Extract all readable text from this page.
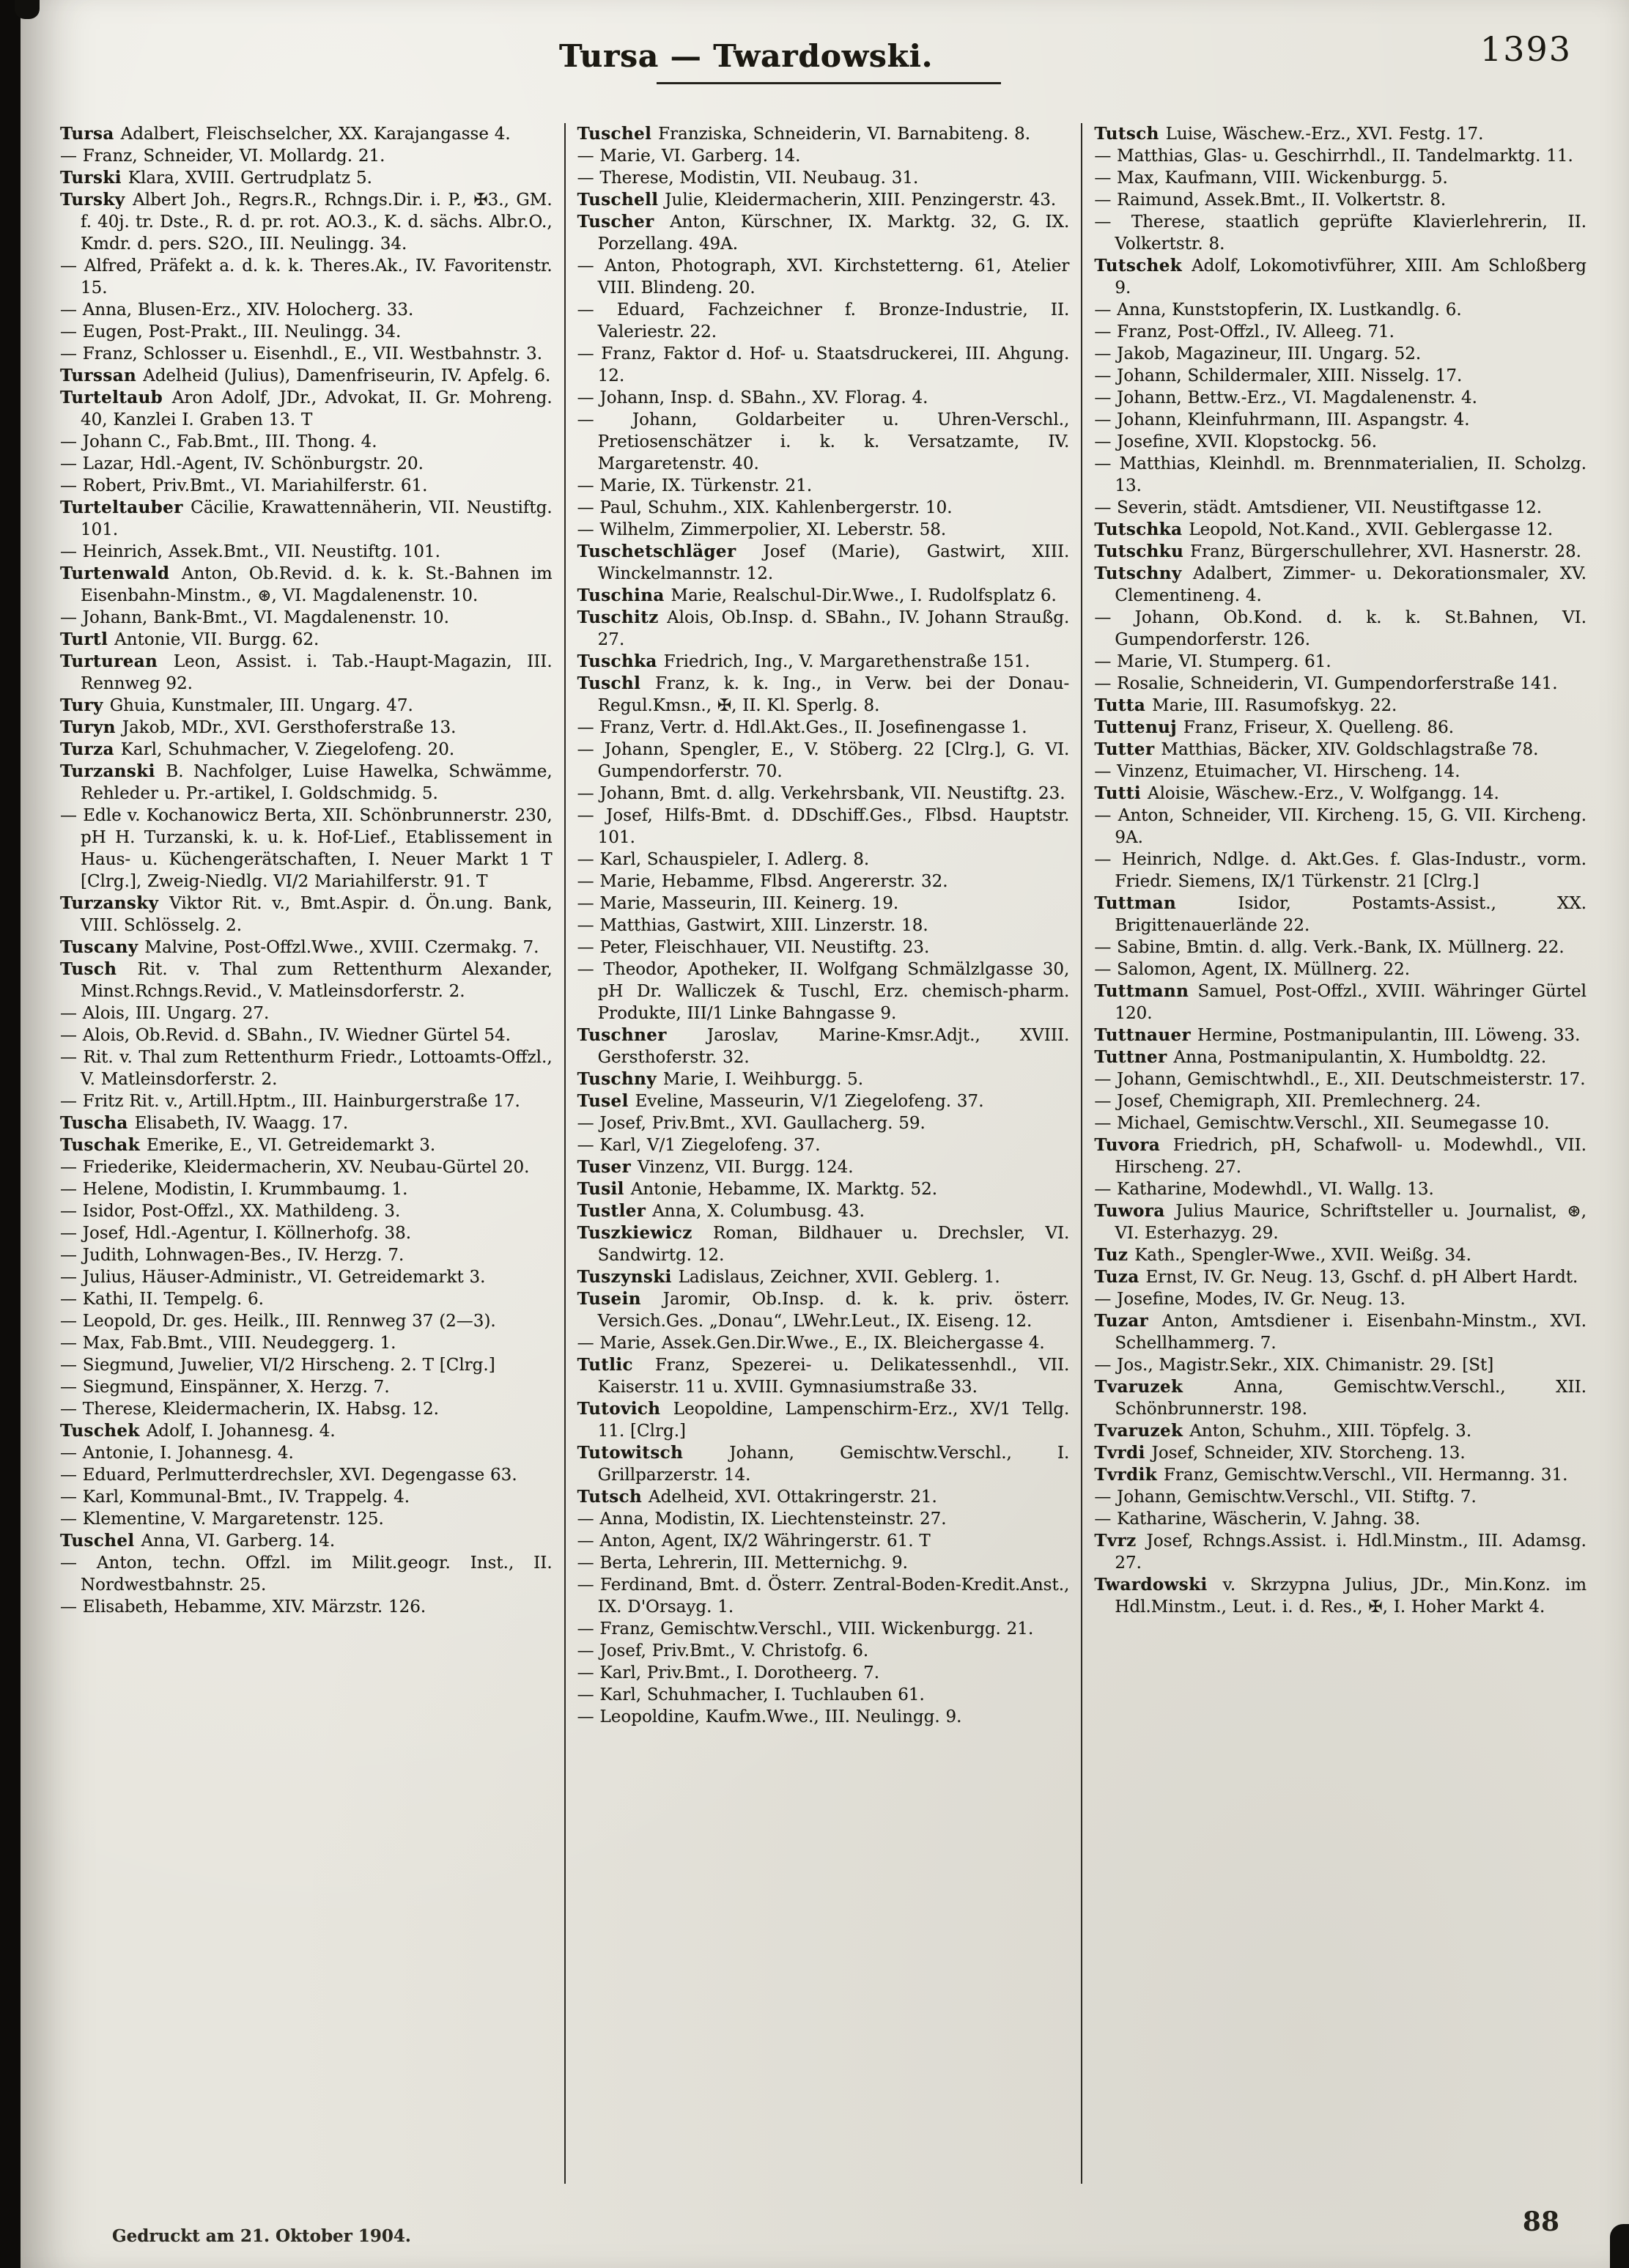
Tursa — Twardowski.	1393

Tursa Adalbert, Fleischselcher, XX. Karajangasse 4.

— Franz, Schneider, VI. Mollardg. 21.

Turski Klara, XVIII. Gertrudplatz 5.

Tursky Albert Joh., Regrs.R., Rchngs.Dir. i. P., ✠3., GM. f. 40j. tr. Dste., R. d. pr. rot. AO.3., K. d. sächs. Albr.O., Kmdr. d. pers. S2O., III. Neulingg. 34.

— Alfred, Präfekt a. d. k. k. Theres.Ak., IV. Favoritenstr. 15.

— Anna, Blusen-Erz., XIV. Holocherg. 33.

— Eugen, Post-Prakt., III. Neulingg. 34.

— Franz, Schlosser u. Eisenhdl., E., VII. Westbahnstr. 3.

Turssan Adelheid (Julius), Damenfriseurin, IV. Apfelg. 6.

Turteltaub Aron Adolf, JDr., Advokat, II. Gr. Mohreng. 40, Kanzlei I. Graben 13. T

— Johann C., Fab.Bmt., III. Thong. 4.

— Lazar, Hdl.-Agent, IV. Schönburgstr. 20.

— Robert, Priv.Bmt., VI. Mariahilferstr. 61.

Turteltauber Cäcilie, Krawattennäherin, VII. Neustiftg. 101.

— Heinrich, Assek.Bmt., VII. Neustiftg. 101.

Turtenwald Anton, Ob.Revid. d. k. k. St.-Bahnen im Eisenbahn-Minstm., ⊛, VI. Magdalenenstr. 10.

— Johann, Bank-Bmt., VI. Magdalenenstr. 10.

Turtl Antonie, VII. Burgg. 62.

Turturean Leon, Assist. i. Tab.-Haupt-Magazin, III. Rennweg 92.

Tury Ghuia, Kunstmaler, III. Ungarg. 47.

Turyn Jakob, MDr., XVI. Gersthoferstraße 13.

Turza Karl, Schuhmacher, V. Ziegelofeng. 20.

Turzanski B. Nachfolger, Luise Hawelka, Schwämme, Rehleder u. Pr.-artikel, I. Goldschmidg. 5.

— Edle v. Kochanowicz Berta, XII. Schönbrunnerstr. 230, pH H. Turzanski, k. u. k. Hof-Lief., Etablissement in Haus- u. Küchengerätschaften, I. Neuer Markt 1 T [Clrg.], Zweig-Niedlg. VI/2 Mariahilferstr. 91. T

Turzansky Viktor Rit. v., Bmt.Aspir. d. Ön.ung. Bank, VIII. Schlösselg. 2.

Tuscany Malvine, Post-Offzl.Wwe., XVIII. Czermakg. 7.

Tusch Rit. v. Thal zum Rettenthurm Alexander, Minst.Rchngs.Revid., V. Matleinsdorferstr. 2.

— Alois, III. Ungarg. 27.

— Alois, Ob.Revid. d. SBahn., IV. Wiedner Gürtel 54.

— Rit. v. Thal zum Rettenthurm Friedr., Lottoamts-Offzl., V. Matleinsdorferstr. 2.

— Fritz Rit. v., Artill.Hptm., III. Hainburgerstraße 17.

Tuscha Elisabeth, IV. Waagg. 17.

Tuschak Emerike, E., VI. Getreidemarkt 3.

— Friederike, Kleidermacherin, XV. Neubau-Gürtel 20.

— Helene, Modistin, I. Krummbaumg. 1.

— Isidor, Post-Offzl., XX. Mathildeng. 3.

— Josef, Hdl.-Agentur, I. Köllnerhofg. 38.

— Judith, Lohnwagen-Bes., IV. Herzg. 7.

— Julius, Häuser-Administr., VI. Getreidemarkt 3.

— Kathi, II. Tempelg. 6.

— Leopold, Dr. ges. Heilk., III. Rennweg 37 (2—3).

— Max, Fab.Bmt., VIII. Neudeggerg. 1.

— Siegmund, Juwelier, VI/2 Hirscheng. 2. T [Clrg.]

— Siegmund, Einspänner, X. Herzg. 7.

— Therese, Kleidermacherin, IX. Habsg. 12.

Tuschek Adolf, I. Johannesg. 4.

— Antonie, I. Johannesg. 4.

— Eduard, Perlmutterdrechsler, XVI. Degengasse 63.

— Karl, Kommunal-Bmt., IV. Trappelg. 4.

— Klementine, V. Margaretenstr. 125.

Tuschel Anna, VI. Garberg. 14.

— Anton, techn. Offzl. im Milit.geogr. Inst., II. Nordwestbahnstr. 25.

— Elisabeth, Hebamme, XIV. Märzstr. 126.

Tuschel Franziska, Schneiderin, VI. Barnabiteng. 8.

— Marie, VI. Garberg. 14.

— Therese, Modistin, VII. Neubaug. 31.

Tuschell Julie, Kleidermacherin, XIII. Penzingerstr. 43.

Tuscher Anton, Kürschner, IX. Marktg. 32, G. IX. Porzellang. 49A.

— Anton, Photograph, XVI. Kirchstetterng. 61, Atelier VIII. Blindeng. 20.

— Eduard, Fachzeichner f. Bronze-Industrie, II. Valeriestr. 22.

— Franz, Faktor d. Hof- u. Staatsdruckerei, III. Ahgung. 12.

— Johann, Insp. d. SBahn., XV. Florag. 4.

— Johann, Goldarbeiter u. Uhren-Verschl., Pretiosenschätzer i. k. k. Versatzamte, IV. Margaretenstr. 40.

— Marie, IX. Türkenstr. 21.

— Paul, Schuhm., XIX. Kahlenbergerstr. 10.

— Wilhelm, Zimmerpolier, XI. Leberstr. 58.

Tuschetschläger Josef (Marie), Gastwirt, XIII. Winckelmannstr. 12.

Tuschina Marie, Realschul-Dir.Wwe., I. Rudolfsplatz 6.

Tuschitz Alois, Ob.Insp. d. SBahn., IV. Johann Straußg. 27.

Tuschka Friedrich, Ing., V. Margarethenstraße 151.

Tuschl Franz, k. k. Ing., in Verw. bei der Donau-Regul.Kmsn., ✠, II. Kl. Sperlg. 8.

— Franz, Vertr. d. Hdl.Akt.Ges., II. Josefinengasse 1.

— Johann, Spengler, E., V. Stöberg. 22 [Clrg.], G. VI. Gumpendorferstr. 70.

— Johann, Bmt. d. allg. Verkehrsbank, VII. Neustiftg. 23.

— Josef, Hilfs-Bmt. d. DDschiff.Ges., Flbsd. Hauptstr. 101.

— Karl, Schauspieler, I. Adlerg. 8.

— Marie, Hebamme, Flbsd. Angererstr. 32.

— Marie, Masseurin, III. Keinerg. 19.

— Matthias, Gastwirt, XIII. Linzerstr. 18.

— Peter, Fleischhauer, VII. Neustiftg. 23.

— Theodor, Apotheker, II. Wolfgang Schmälzlgasse 30, pH Dr. Walliczek & Tuschl, Erz. chemisch-pharm. Produkte, III/1 Linke Bahngasse 9.

Tuschner Jaroslav, Marine-Kmsr.Adjt., XVIII. Gersthoferstr. 32.

Tuschny Marie, I. Weihburgg. 5.

Tusel Eveline, Masseurin, V/1 Ziegelofeng. 37.

— Josef, Priv.Bmt., XVI. Gaullacherg. 59.

— Karl, V/1 Ziegelofeng. 37.

Tuser Vinzenz, VII. Burgg. 124.

Tusil Antonie, Hebamme, IX. Marktg. 52.

Tustler Anna, X. Columbusg. 43.

Tuszkiewicz Roman, Bildhauer u. Drechsler, VI. Sandwirtg. 12.

Tuszynski Ladislaus, Zeichner, XVII. Geblerg. 1.

Tusein Jaromir, Ob.Insp. d. k. k. priv. österr. Versich.Ges. „Donau“, LWehr.Leut., IX. Eiseng. 12.

— Marie, Assek.Gen.Dir.Wwe., E., IX. Bleichergasse 4.

Tutlic Franz, Spezerei- u. Delikatessenhdl., VII. Kaiserstr. 11 u. XVIII. Gymnasiumstraße 33.

Tutovich Leopoldine, Lampenschirm-Erz., XV/1 Tellg. 11. [Clrg.]

Tutowitsch Johann, Gemischtw.Verschl., I. Grillparzerstr. 14.

Tutsch Adelheid, XVI. Ottakringerstr. 21.

— Anna, Modistin, IX. Liechtensteinstr. 27.

— Anton, Agent, IX/2 Währingerstr. 61. T

— Berta, Lehrerin, III. Metternichg. 9.

— Ferdinand, Bmt. d. Österr. Zentral-Boden-Kredit.Anst., IX. D'Orsayg. 1.

— Franz, Gemischtw.Verschl., VIII. Wickenburgg. 21.

— Josef, Priv.Bmt., V. Christofg. 6.

— Karl, Priv.Bmt., I. Dorotheerg. 7.

— Karl, Schuhmacher, I. Tuchlauben 61.

— Leopoldine, Kaufm.Wwe., III. Neulingg. 9.

Tutsch Luise, Wäschew.-Erz., XVI. Festg. 17.

— Matthias, Glas- u. Geschirrhdl., II. Tandelmarktg. 11.

— Max, Kaufmann, VIII. Wickenburgg. 5.

— Raimund, Assek.Bmt., II. Volkertstr. 8.

— Therese, staatlich geprüfte Klavierlehrerin, II. Volkertstr. 8.

Tutschek Adolf, Lokomotivführer, XIII. Am Schloßberg 9.

— Anna, Kunststopferin, IX. Lustkandlg. 6.

— Franz, Post-Offzl., IV. Alleeg. 71.

— Jakob, Magazineur, III. Ungarg. 52.

— Johann, Schildermaler, XIII. Nisselg. 17.

— Johann, Bettw.-Erz., VI. Magdalenenstr. 4.

— Johann, Kleinfuhrmann, III. Aspangstr. 4.

— Josefine, XVII. Klopstockg. 56.

— Matthias, Kleinhdl. m. Brennmaterialien, II. Scholzg. 13.

— Severin, städt. Amtsdiener, VII. Neustiftgasse 12.

Tutschka Leopold, Not.Kand., XVII. Geblergasse 12.

Tutschku Franz, Bürgerschullehrer, XVI. Hasnerstr. 28.

Tutschny Adalbert, Zimmer- u. Dekorationsmaler, XV. Clementineng. 4.

— Johann, Ob.Kond. d. k. k. St.Bahnen, VI. Gumpendorferstr. 126.

— Marie, VI. Stumperg. 61.

— Rosalie, Schneiderin, VI. Gumpendorferstraße 141.

Tutta Marie, III. Rasumofskyg. 22.

Tuttenuj Franz, Friseur, X. Quelleng. 86.

Tutter Matthias, Bäcker, XIV. Goldschlagstraße 78.

— Vinzenz, Etuimacher, VI. Hirscheng. 14.

Tutti Aloisie, Wäschew.-Erz., V. Wolfgangg. 14.

— Anton, Schneider, VII. Kircheng. 15, G. VII. Kircheng. 9A.

— Heinrich, Ndlge. d. Akt.Ges. f. Glas-Industr., vorm. Friedr. Siemens, IX/1 Türkenstr. 21 [Clrg.]

Tuttman Isidor, Postamts-Assist., XX. Brigittenauerlände 22.

— Sabine, Bmtin. d. allg. Verk.-Bank, IX. Müllnerg. 22.

— Salomon, Agent, IX. Müllnerg. 22.

Tuttmann Samuel, Post-Offzl., XVIII. Währinger Gürtel 120.

Tuttnauer Hermine, Postmanipulantin, III. Löweng. 33.

Tuttner Anna, Postmanipulantin, X. Humboldtg. 22.

— Johann, Gemischtwhdl., E., XII. Deutschmeisterstr. 17.

— Josef, Chemigraph, XII. Premlechnerg. 24.

— Michael, Gemischtw.Verschl., XII. Seumegasse 10.

Tuvora Friedrich, pH, Schafwoll- u. Modewhdl., VII. Hirscheng. 27.

— Katharine, Modewhdl., VI. Wallg. 13.

Tuwora Julius Maurice, Schriftsteller u. Journalist, ⊛, VI. Esterhazyg. 29.

Tuz Kath., Spengler-Wwe., XVII. Weißg. 34.

Tuza Ernst, IV. Gr. Neug. 13, Gschf. d. pH Albert Hardt.

— Josefine, Modes, IV. Gr. Neug. 13.

Tuzar Anton, Amtsdiener i. Eisenbahn-Minstm., XVI. Schellhammerg. 7.

— Jos., Magistr.Sekr., XIX. Chimanistr. 29. [St]

Tvaruzek Anna, Gemischtw.Verschl., XII. Schönbrunnerstr. 198.

Tvaruzek Anton, Schuhm., XIII. Töpfelg. 3.

Tvrdi Josef, Schneider, XIV. Storcheng. 13.

Tvrdik Franz, Gemischtw.Verschl., VII. Hermanng. 31.

— Johann, Gemischtw.Verschl., VII. Stiftg. 7.

— Katharine, Wäscherin, V. Jahng. 38.

Tvrz Josef, Rchngs.Assist. i. Hdl.Minstm., III. Adamsg. 27.

Twardowski v. Skrzypna Julius, JDr., Min.Konz. im Hdl.Minstm., Leut. i. d. Res., ✠, I. Hoher Markt 4.

Gedruckt am 21. Oktober 1904.	88
